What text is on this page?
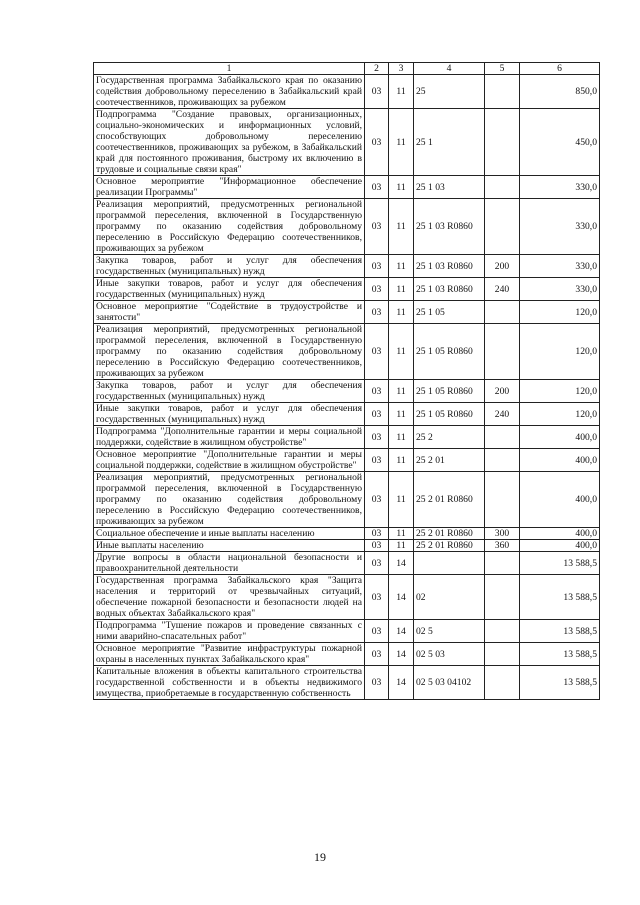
1	2	3	4	5	6
Государственная программа Забайкальского края по оказанию содействия добровольному переселению в Забайкальский край соотечественников, проживающих за рубежом	03	11	25		850,0
Подпрограмма "Создание правовых, организационных, социально-экономических и информационных условий, способствующих добровольному переселению соотечественников, проживающих за рубежом, в Забайкальский край для постоянного проживания, быстрому их включению в трудовые и социальные связи края"	03	11	25 1		450,0
Основное мероприятие "Информационное обеспечение реализации Программы"	03	11	25 1 03		330,0
Реализация мероприятий, предусмотренных региональной программой переселения, включенной в Государственную программу по оказанию содействия добровольному переселению в Российскую Федерацию соотечественников, проживающих за рубежом	03	11	25 1 03 R0860		330,0
Закупка товаров, работ и услуг для обеспечения государственных (муниципальных) нужд	03	11	25 1 03 R0860	200	330,0
Иные закупки товаров, работ и услуг для обеспечения государственных (муниципальных) нужд	03	11	25 1 03 R0860	240	330,0
Основное мероприятие "Содействие в трудоустройстве и занятости"	03	11	25 1 05		120,0
Реализация мероприятий, предусмотренных региональной программой переселения, включенной в Государственную программу по оказанию содействия добровольному переселению в Российскую Федерацию соотечественников, проживающих за рубежом	03	11	25 1 05 R0860		120,0
Закупка товаров, работ и услуг для обеспечения государственных (муниципальных) нужд	03	11	25 1 05 R0860	200	120,0
Иные закупки товаров, работ и услуг для обеспечения государственных (муниципальных) нужд	03	11	25 1 05 R0860	240	120,0
Подпрограмма "Дополнительные гарантии и меры социальной поддержки, содействие в жилищном обустройстве"	03	11	25 2		400,0
Основное мероприятие "Дополнительные гарантии и меры социальной поддержки, содействие в жилищном обустройстве"	03	11	25 2 01		400,0
Реализация мероприятий, предусмотренных региональной программой переселения, включенной в Государственную программу по оказанию содействия добровольному переселению в Российскую Федерацию соотечественников, проживающих за рубежом	03	11	25 2 01 R0860		400,0
Социальное обеспечение и иные выплаты населению	03	11	25 2 01 R0860	300	400,0
Иные выплаты населению	03	11	25 2 01 R0860	360	400,0
Другие вопросы в области национальной безопасности и правоохранительной деятельности	03	14			13 588,5
Государственная программа Забайкальского края "Защита населения и территорий от чрезвычайных ситуаций, обеспечение пожарной безопасности и безопасности людей на водных объектах Забайкальского края"	03	14	02		13 588,5
Подпрограмма "Тушение пожаров и проведение связанных с ними аварийно-спасательных работ"	03	14	02 5		13 588,5
Основное мероприятие "Развитие инфраструктуры пожарной охраны в населенных пунктах Забайкальского края"	03	14	02 5 03		13 588,5
Капитальные вложения в объекты капитального строительства государственной собственности и в объекты недвижимого имущества, приобретаемые в государственную собственность	03	14	02 5 03 04102		13 588,5
19
